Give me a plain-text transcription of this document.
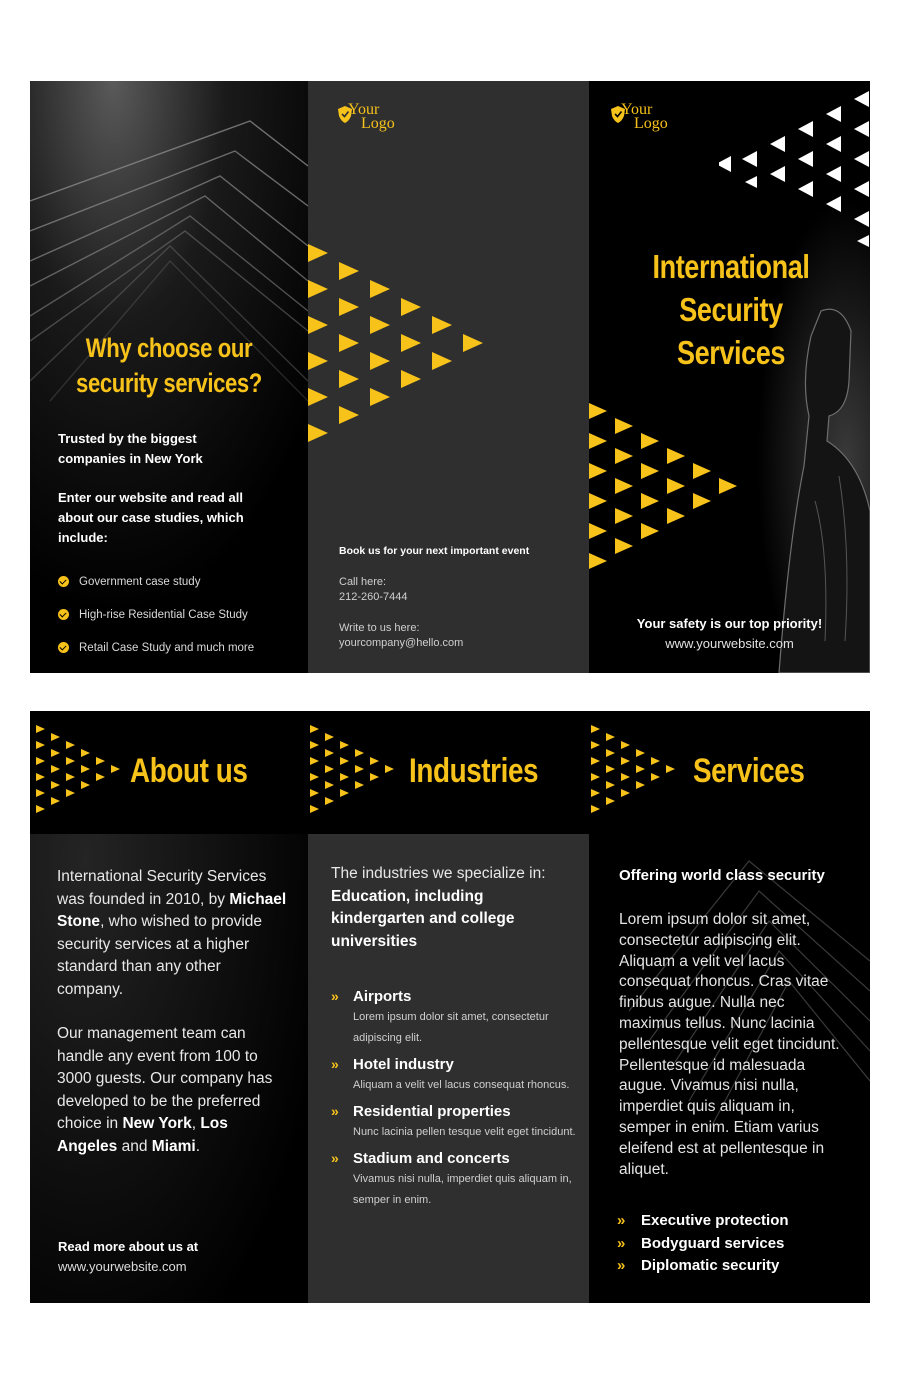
Why choose our
security services?
Trusted by the biggest
companies in New York
Enter our website and read all
about our case studies, which
include:
Government case study
High-rise Residential Case Study
Retail Case Study and much more
Your
Logo
Book us for your next important event
Call here:
212-260-7444
Write to us here:
yourcompany@hello.com
Your
Logo
International
Security
Services
Your safety is our top priority!
www.yourwebsite.com
About us
International Security Services was founded in 2010, by Michael Stone, who wished to provide security services at a higher standard than any other company.
Our management team can handle any event from 100 to 3000 guests. Our company has developed to be the preferred choice in New York, Los Angeles and Miami.
Read more about us at
www.yourwebsite.com
Industries
The industries we specialize in:
Education, including kindergarten and college universities
» Airports
Lorem ipsum dolor sit amet, consectetur adipiscing elit.
» Hotel industry
Aliquam a velit vel lacus consequat rhoncus.
» Residential properties
Nunc lacinia pellen tesque velit eget tincidunt.
» Stadium and concerts
Vivamus nisi nulla, imperdiet quis aliquam in, semper in enim.
Services
Offering world class security
Lorem ipsum dolor sit amet, consectetur adipiscing elit. Aliquam a velit vel lacus consequat rhoncus. Cras vitae finibus augue. Nulla nec maximus tellus. Nunc lacinia pellentesque velit eget tincidunt. Pellentesque id malesuada augue. Vivamus nisi nulla, imperdiet quis aliquam in, semper in enim. Etiam varius eleifend est at pellentesque in aliquet.
» Executive protection
» Bodyguard services
» Diplomatic security
